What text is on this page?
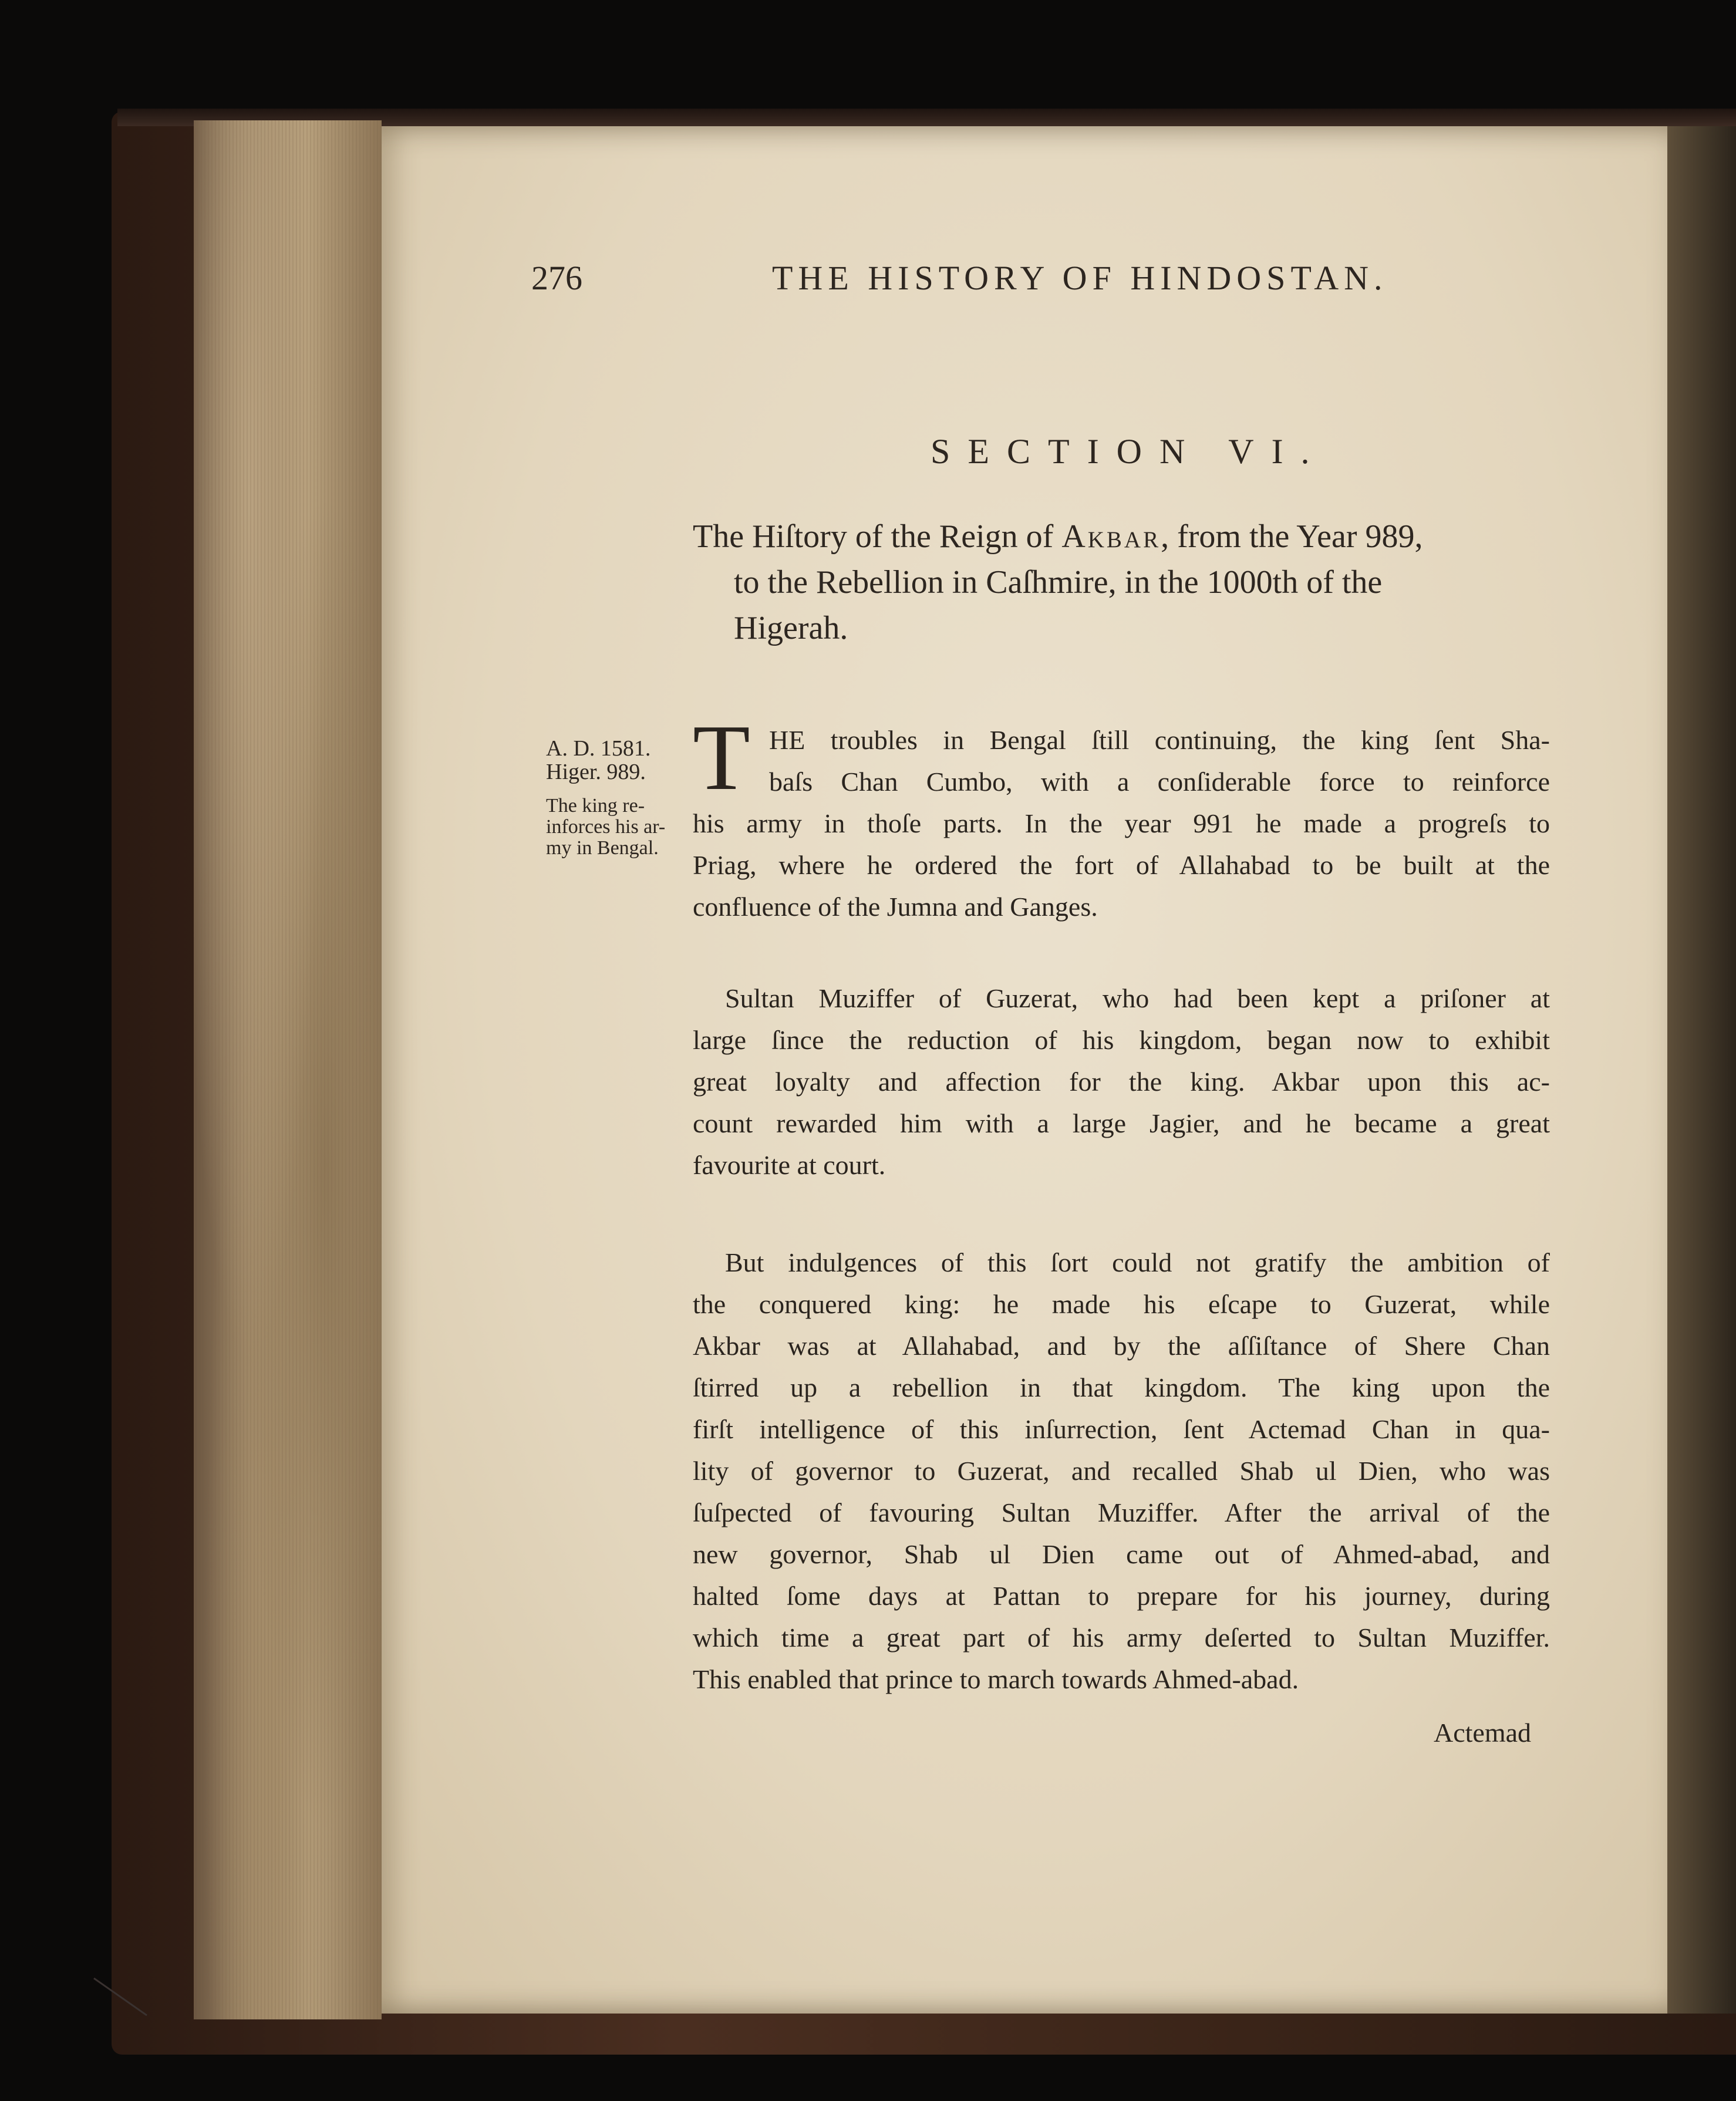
276	THE HISTORY OF HINDOSTAN.
SECTION VI.
The Hiſtory of the Reign of Akbar, from the Year 989,
to the Rebellion in Caſhmire, in the 1000th of the
Higerah.
A. D. 1581.
Higer. 989.
The king re-
inforces his ar-
my in Bengal.
T HE troubles in Bengal ſtill continuing, the king ſent Sha-
baſs Chan Cumbo, with a conſiderable force to reinforce
his army in thoſe parts. In the year 991 he made a progreſs to
Priag, where he ordered the fort of Allahabad to be built at the
confluence of the Jumna and Ganges.
Sultan Muziffer of Guzerat, who had been kept a priſoner at
large ſince the reduction of his kingdom, began now to exhibit
great loyalty and affection for the king. Akbar upon this ac-
count rewarded him with a large Jagier, and he became a great
favourite at court.
But indulgences of this ſort could not gratify the ambition of
the conquered king: he made his eſcape to Guzerat, while
Akbar was at Allahabad, and by the aſſiſtance of Shere Chan
ſtirred up a rebellion in that kingdom. The king upon the
firſt intelligence of this inſurrection, ſent Actemad Chan in qua-
lity of governor to Guzerat, and recalled Shab ul Dien, who was
ſuſpected of favouring Sultan Muziffer. After the arrival of the
new governor, Shab ul Dien came out of Ahmed-abad, and
halted ſome days at Pattan to prepare for his journey, during
which time a great part of his army deſerted to Sultan Muziffer.
This enabled that prince to march towards Ahmed-abad.
Actemad
